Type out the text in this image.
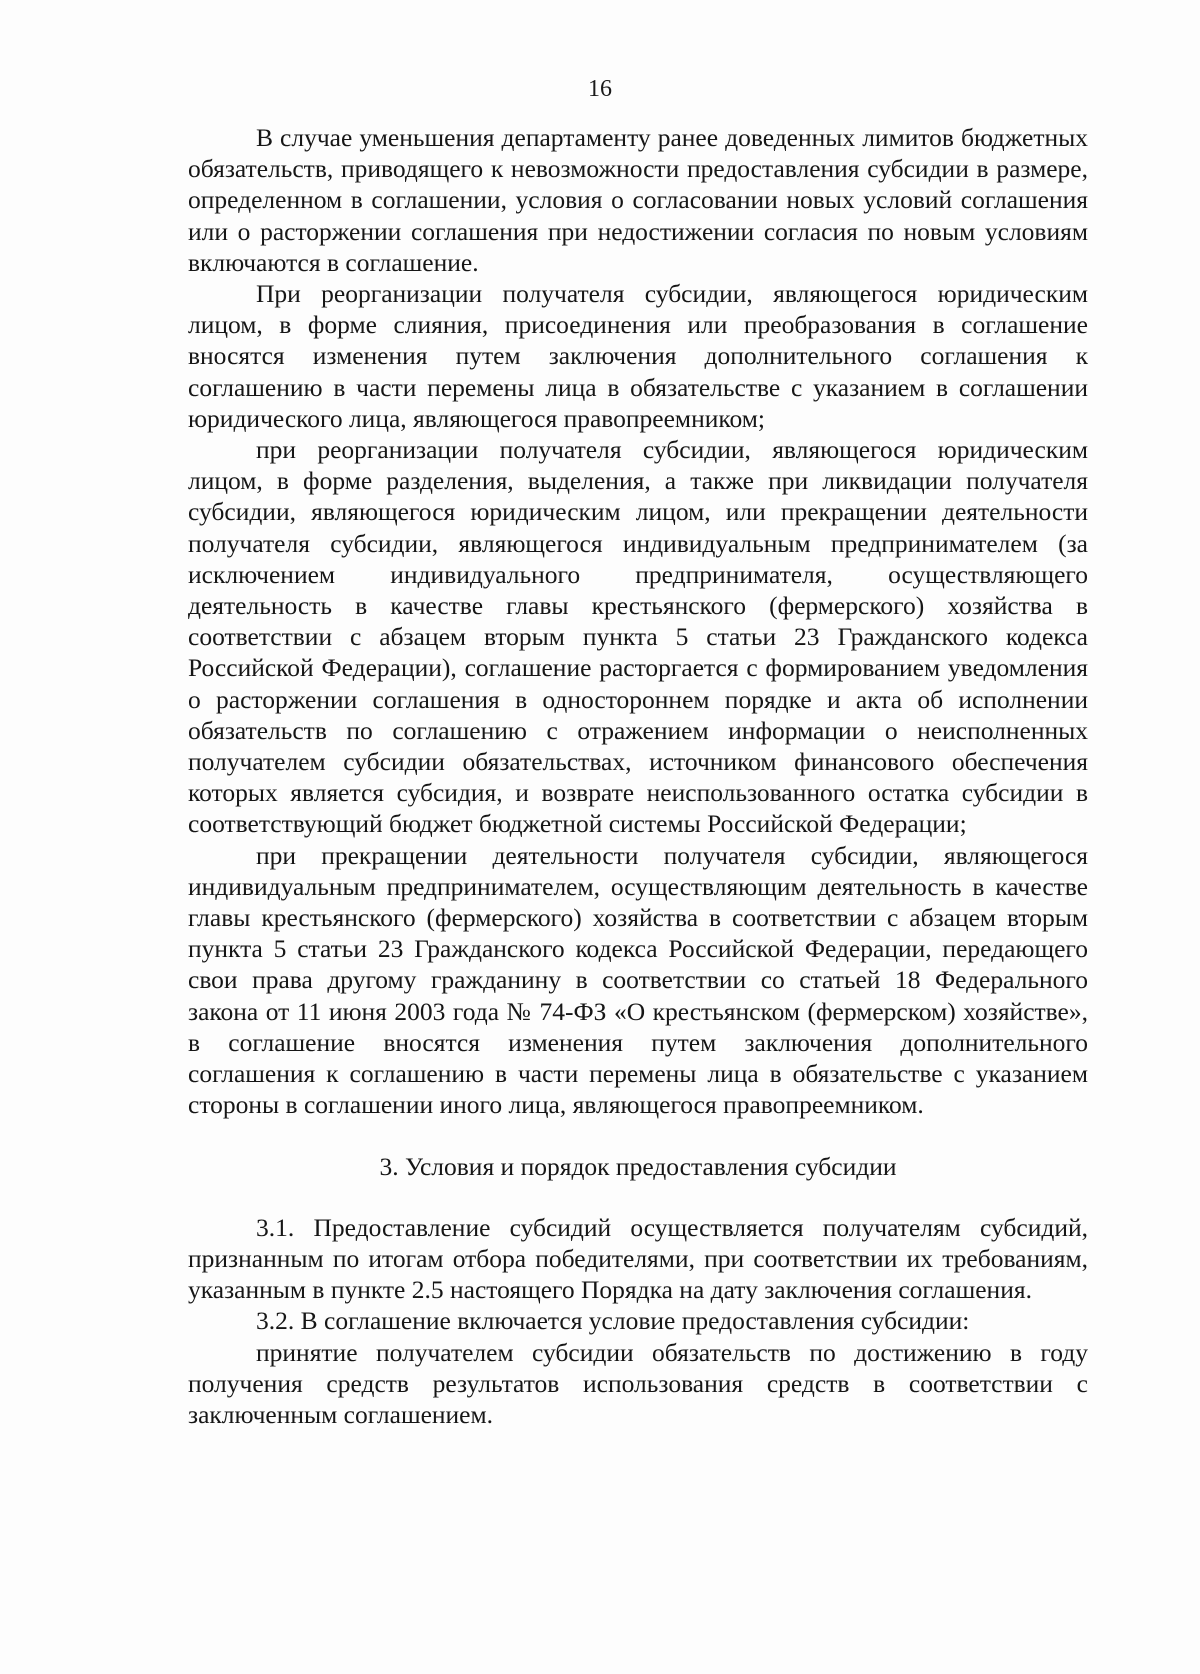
16

В случае уменьшения департаменту ранее доведенных лимитов бюджетных обязательств, приводящего к невозможности предоставления субсидии в размере, определенном в соглашении, условия о согласовании новых условий соглашения или о расторжении соглашения при недостижении согласия по новым условиям включаются в соглашение.

При реорганизации получателя субсидии, являющегося юридическим лицом, в форме слияния, присоединения или преобразования в соглашение вносятся изменения путем заключения дополнительного соглашения к соглашению в части перемены лица в обязательстве с указанием в соглашении юридического лица, являющегося правопреемником;

при реорганизации получателя субсидии, являющегося юридическим лицом, в форме разделения, выделения, а также при ликвидации получателя субсидии, являющегося юридическим лицом, или прекращении деятельности получателя субсидии, являющегося индивидуальным предпринимателем (за исключением индивидуального предпринимателя, осуществляющего деятельность в качестве главы крестьянского (фермерского) хозяйства в соответствии с абзацем вторым пункта 5 статьи 23 Гражданского кодекса Российской Федерации), соглашение расторгается с формированием уведомления о расторжении соглашения в одностороннем порядке и акта об исполнении обязательств по соглашению с отражением информации о неисполненных получателем субсидии обязательствах, источником финансового обеспечения которых является субсидия, и возврате неиспользованного остатка субсидии в соответствующий бюджет бюджетной системы Российской Федерации;

при прекращении деятельности получателя субсидии, являющегося индивидуальным предпринимателем, осуществляющим деятельность в качестве главы крестьянского (фермерского) хозяйства в соответствии с абзацем вторым пункта 5 статьи 23 Гражданского кодекса Российской Федерации, передающего свои права другому гражданину в соответствии со статьей 18 Федерального закона от 11 июня 2003 года № 74-ФЗ «О крестьянском (фермерском) хозяйстве», в соглашение вносятся изменения путем заключения дополнительного соглашения к соглашению в части перемены лица в обязательстве с указанием стороны в соглашении иного лица, являющегося правопреемником.

3. Условия и порядок предоставления субсидии

3.1. Предоставление субсидий осуществляется получателям субсидий, признанным по итогам отбора победителями, при соответствии их требованиям, указанным в пункте 2.5 настоящего Порядка на дату заключения соглашения.

3.2. В соглашение включается условие предоставления субсидии:

принятие получателем субсидии обязательств по достижению в году получения средств результатов использования средств в соответствии с заключенным соглашением.
